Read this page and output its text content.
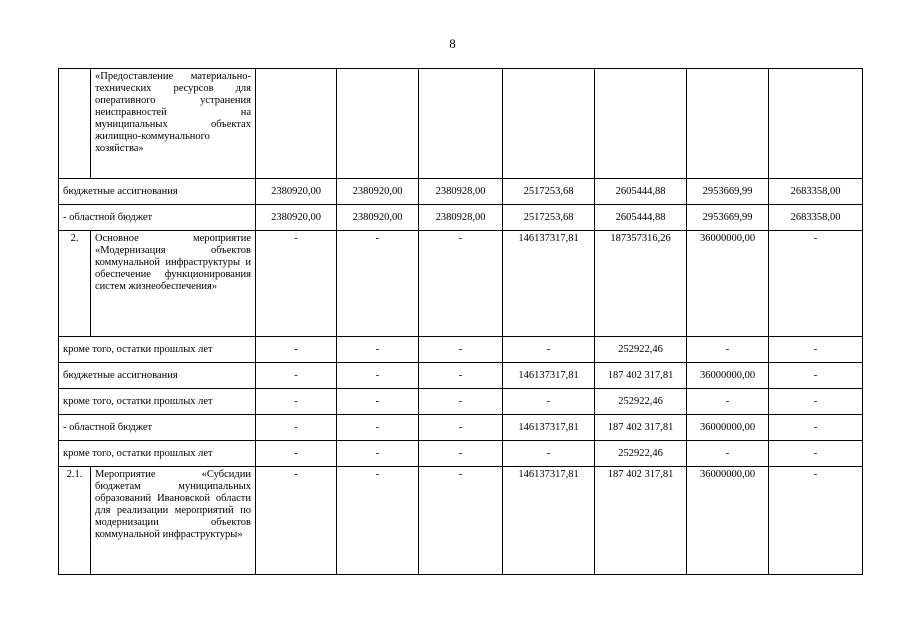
8
	«Предоставление материально-технических ресурсов для оперативного устранения неисправностей на муниципальных объектах жилищно-коммунального хозяйства»							
бюджетные ассигнования		2380920,00	2380920,00	2380928,00	2517253,68	2605444,88	2953669,99	2683358,00
- областной бюджет		2380920,00	2380920,00	2380928,00	2517253,68	2605444,88	2953669,99	2683358,00
2.	Основное мероприятие «Модернизация объектов коммунальной инфраструктуры и обеспечение функционирования систем жизнеобеспечения»	-	-	-	146137317,81	187357316,26	36000000,00	-
кроме того, остатки прошлых лет		-	-	-	-	252922,46	-	-
бюджетные ассигнования		-	-	-	146137317,81	187 402 317,81	36000000,00	-
кроме того, остатки прошлых лет		-	-	-	-	252922,46	-	-
- областной бюджет		-	-	-	146137317,81	187 402 317,81	36000000,00	-
кроме того, остатки прошлых лет		-	-	-	-	252922,46	-	-
2.1.	Мероприятие «Субсидии бюджетам муниципальных образований Ивановской области для реализации мероприятий по модернизации объектов коммунальной инфраструктуры»	-	-	-	146137317,81	187 402 317,81	36000000,00	-
